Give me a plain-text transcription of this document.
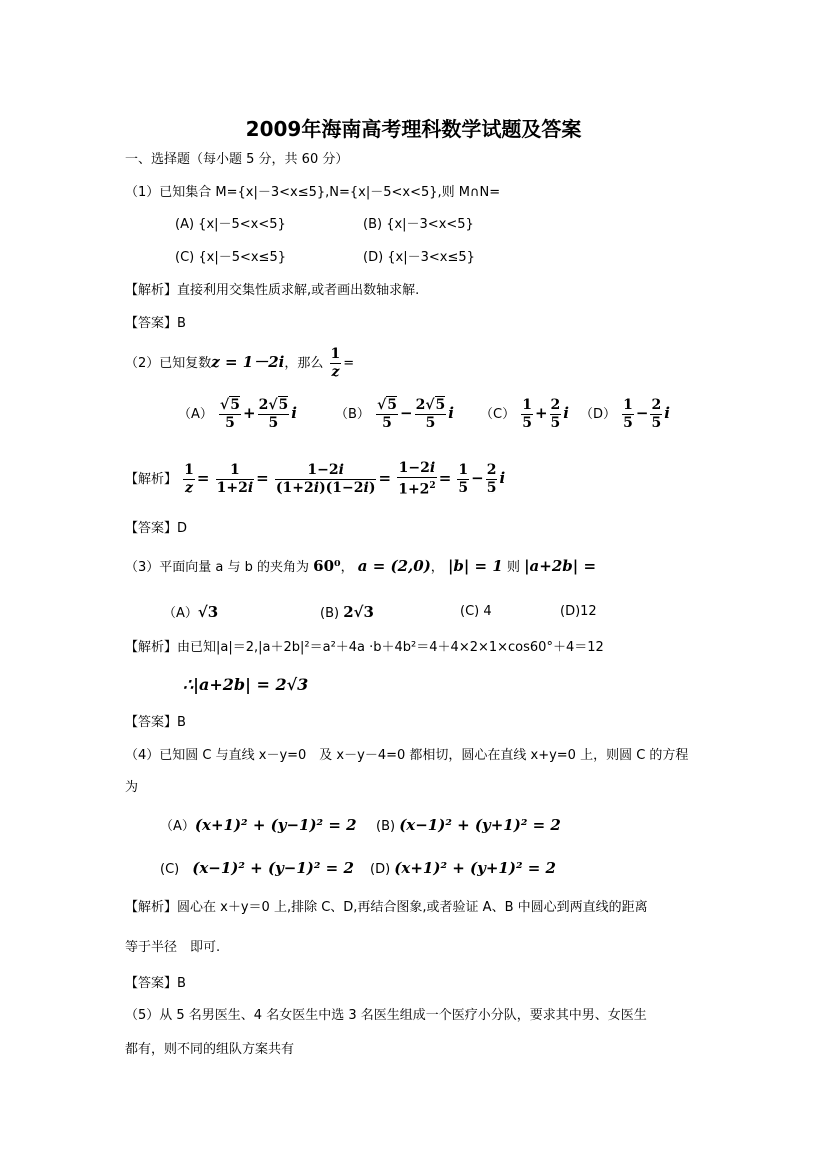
2009年海南高考理科数学试题及答案
一、选择题（每小题 5 分，共 60 分）
（1）已知集合 M={x|－3<x≤5},N={x|－5<x<5},则 M∩N=
(A) {x|－5<x<5}	(B) {x|－3<x<5}
(C) {x|－5<x≤5}	(D) {x|－3<x≤5}
【解析】直接利用交集性质求解,或者画出数轴求解.
【答案】B
（2）已知复数z = 1－2i，那么 $\frac{1}{z}$ =
$(A) \frac{√5}{5} + \frac{2√5}{5}$ i	$(B) \frac{√5}{5} - \frac{2√5}{5}$ i $(C) \frac{1}{5} + \frac{2}{5}$ i $(D) \frac{1}{5} - \frac{2}{5}$ i
【解析】 $\frac{1}{z} = \frac{1}{1+2i} = \frac{1-2i}{(1+2i)(1-2i)} = \frac{1-2i}{1+2^2} = \frac{1}{5} - \frac{2}{5}$ i
【答案】D
（3）平面向量 a 与 b 的夹角为 60⁰， a = (2,0)， |b| = 1 则 |a+2b| =
（A）√3	(B) 2√3	(C) 4	(D)12
【解析】由已知|a|＝2,|a＋2b|²＝a²＋4a ·b＋4b²＝4＋4×2×1×cos60°＋4＝12
∴|a+2b| = 2√3
【答案】B
（4）已知圆 C 与直线 x－y=0　及 x－y－4=0 都相切，圆心在直线 x+y=0 上，则圆 C 的方程
为
（A）(x+1)² + (y−1)² = 2 (B) (x−1)² + (y+1)² = 2
(C)　 (x−1)² + (y−1)² = 2 (D) (x+1)² + (y+1)² = 2
【解析】圆心在 x＋y＝0 上,排除 C、D,再结合图象,或者验证 A、B 中圆心到两直线的距离
等于半径　即可.
【答案】B
（5）从 5 名男医生、4 名女医生中选 3 名医生组成一个医疗小分队，要求其中男、女医生
都有，则不同的组队方案共有
